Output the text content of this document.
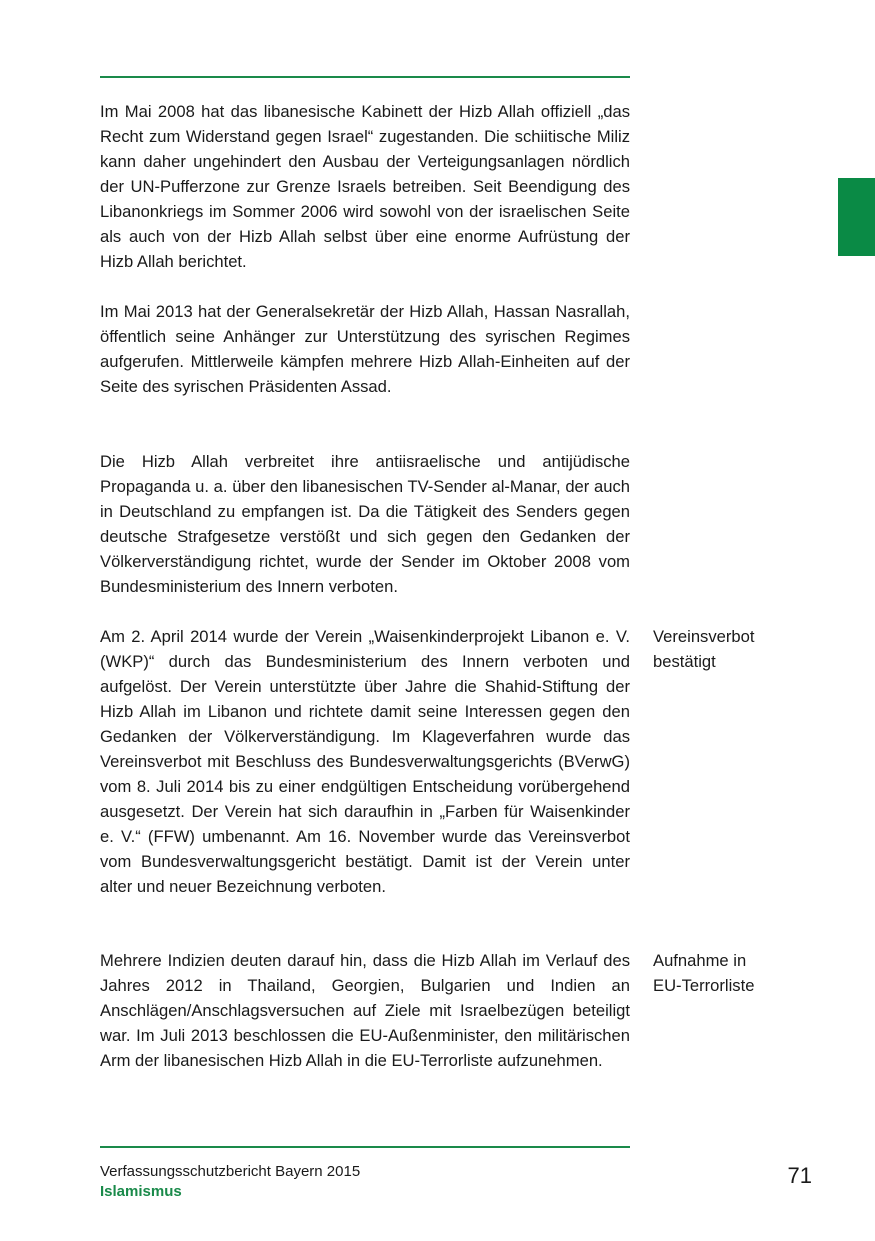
Im Mai 2008 hat das libanesische Kabinett der Hizb Allah offiziell „das Recht zum Widerstand gegen Israel“ zugestanden. Die schiitische Miliz kann daher ungehindert den Ausbau der Verteigungsanlagen nördlich der UN-Pufferzone zur Grenze Israels betreiben. Seit Beendigung des Libanonkriegs im Sommer 2006 wird sowohl von der israelischen Seite als auch von der Hizb Allah selbst über eine enorme Aufrüstung der Hizb Allah berichtet.

Im Mai 2013 hat der Generalsekretär der Hizb Allah, Hassan Nasrallah, öffentlich seine Anhänger zur Unterstützung des syrischen Regimes aufgerufen. Mittlerweile kämpfen mehrere Hizb Allah-Einheiten auf der Seite des syrischen Präsidenten Assad.

Die Hizb Allah verbreitet ihre antiisraelische und antijüdische Propaganda u. a. über den libanesischen TV-Sender al-Manar, der auch in Deutschland zu empfangen ist. Da die Tätigkeit des Senders gegen deutsche Strafgesetze verstößt und sich gegen den Gedanken der Völkerverständigung richtet, wurde der Sender im Oktober 2008 vom Bundesministerium des Innern verboten.

Am 2. April 2014 wurde der Verein „Waisenkinderprojekt Libanon e. V. (WKP)“ durch das Bundesministerium des Innern verboten und aufgelöst. Der Verein unterstützte über Jahre die Shahid-Stiftung der Hizb Allah im Libanon und richtete damit seine Interessen gegen den Gedanken der Völkerverständigung. Im Klageverfahren wurde das Vereinsverbot mit Beschluss des Bundesverwaltungsgerichts (BVerwG) vom 8. Juli 2014 bis zu einer endgültigen Entscheidung vorübergehend ausgesetzt. Der Verein hat sich daraufhin in „Farben für Waisenkinder e. V.“ (FFW) umbenannt. Am 16. November wurde das Vereinsverbot vom Bundesverwaltungsgericht bestätigt. Damit ist der Verein unter alter und neuer Bezeichnung verboten.

Mehrere Indizien deuten darauf hin, dass die Hizb Allah im Verlauf des Jahres 2012 in Thailand, Georgien, Bulgarien und Indien an Anschlägen/Anschlagsversuchen auf Ziele mit Israelbezügen beteiligt war. Im Juli 2013 beschlossen die EU-Außenminister, den militärischen Arm der libanesischen Hizb Allah in die EU-Terrorliste aufzunehmen.

Vereinsverbot
bestätigt
Aufnahme in
EU-Terrorliste
Verfassungsschutzbericht Bayern 2015
Islamismus
71
